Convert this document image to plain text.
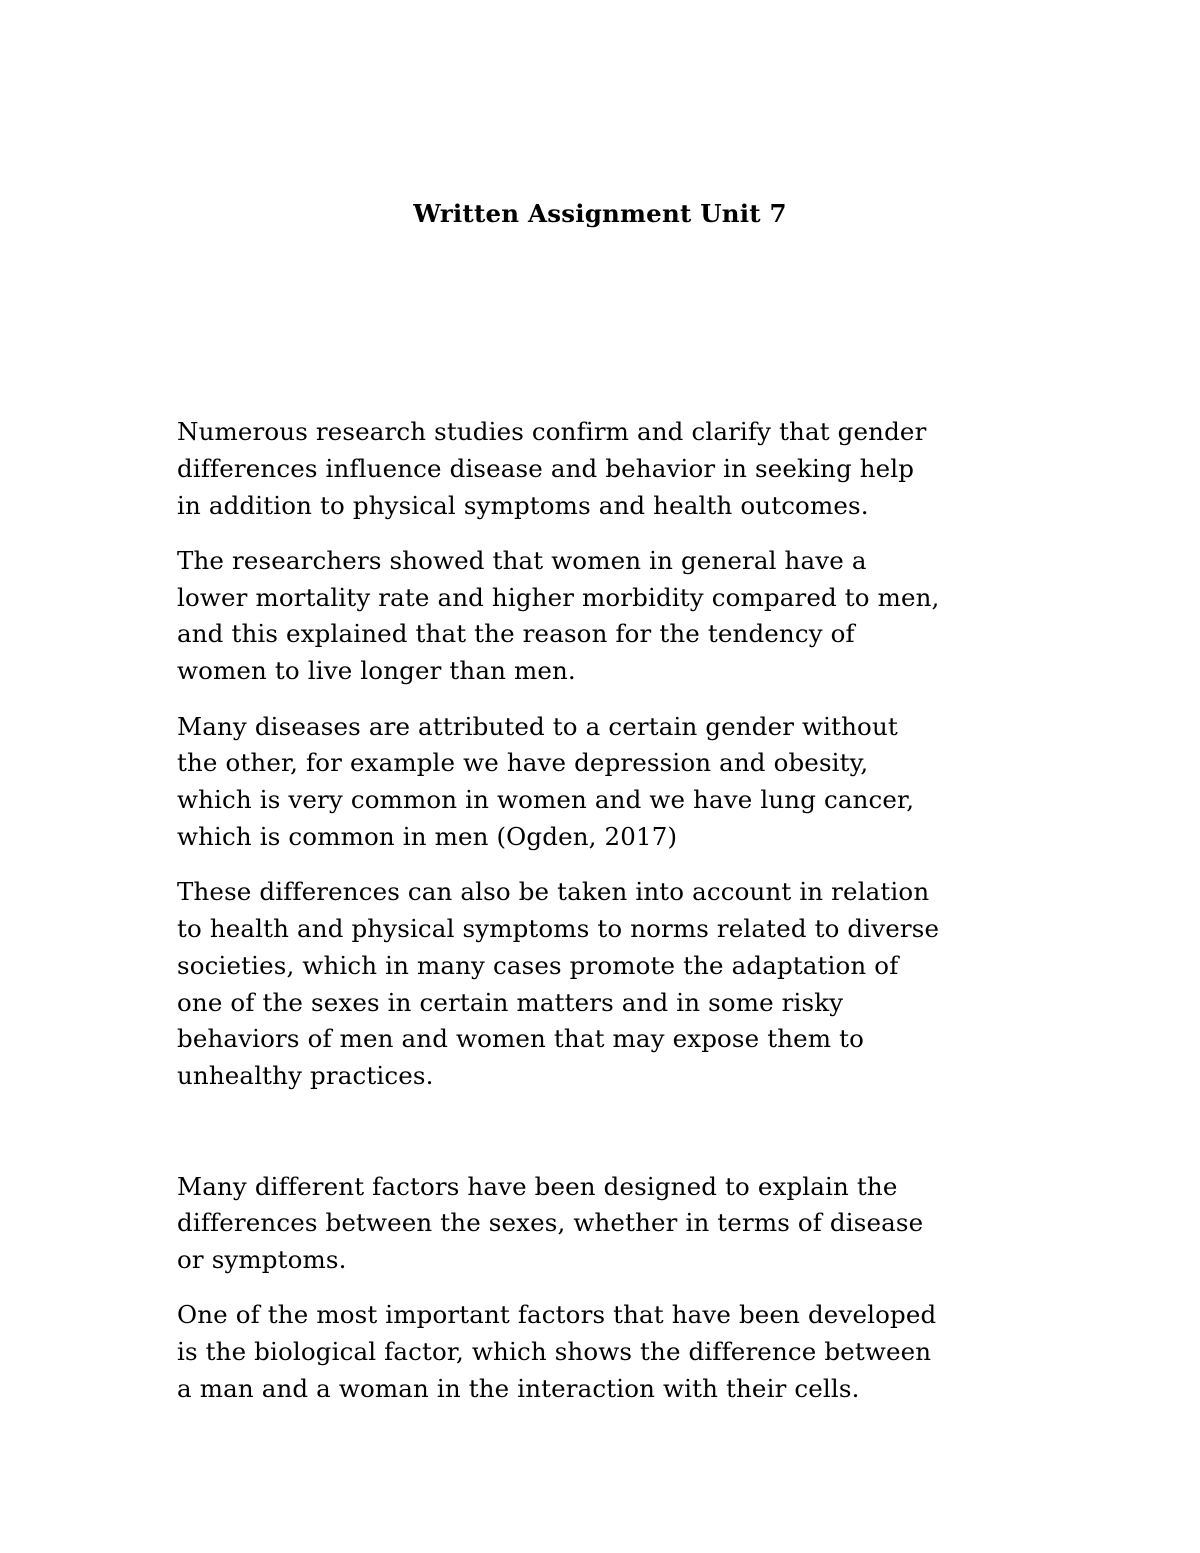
Written Assignment Unit 7

Numerous research studies confirm and clarify that gender
differences influence disease and behavior in seeking help
in addition to physical symptoms and health outcomes.

The researchers showed that women in general have a
lower mortality rate and higher morbidity compared to men,
and this explained that the reason for the tendency of
women to live longer than men.

Many diseases are attributed to a certain gender without
the other, for example we have depression and obesity,
which is very common in women and we have lung cancer,
which is common in men (Ogden, 2017)

These differences can also be taken into account in relation
to health and physical symptoms to norms related to diverse
societies, which in many cases promote the adaptation of
one of the sexes in certain matters and in some risky
behaviors of men and women that may expose them to
unhealthy practices.

Many different factors have been designed to explain the
differences between the sexes, whether in terms of disease
or symptoms.

One of the most important factors that have been developed
is the biological factor, which shows the difference between
a man and a woman in the interaction with their cells.
